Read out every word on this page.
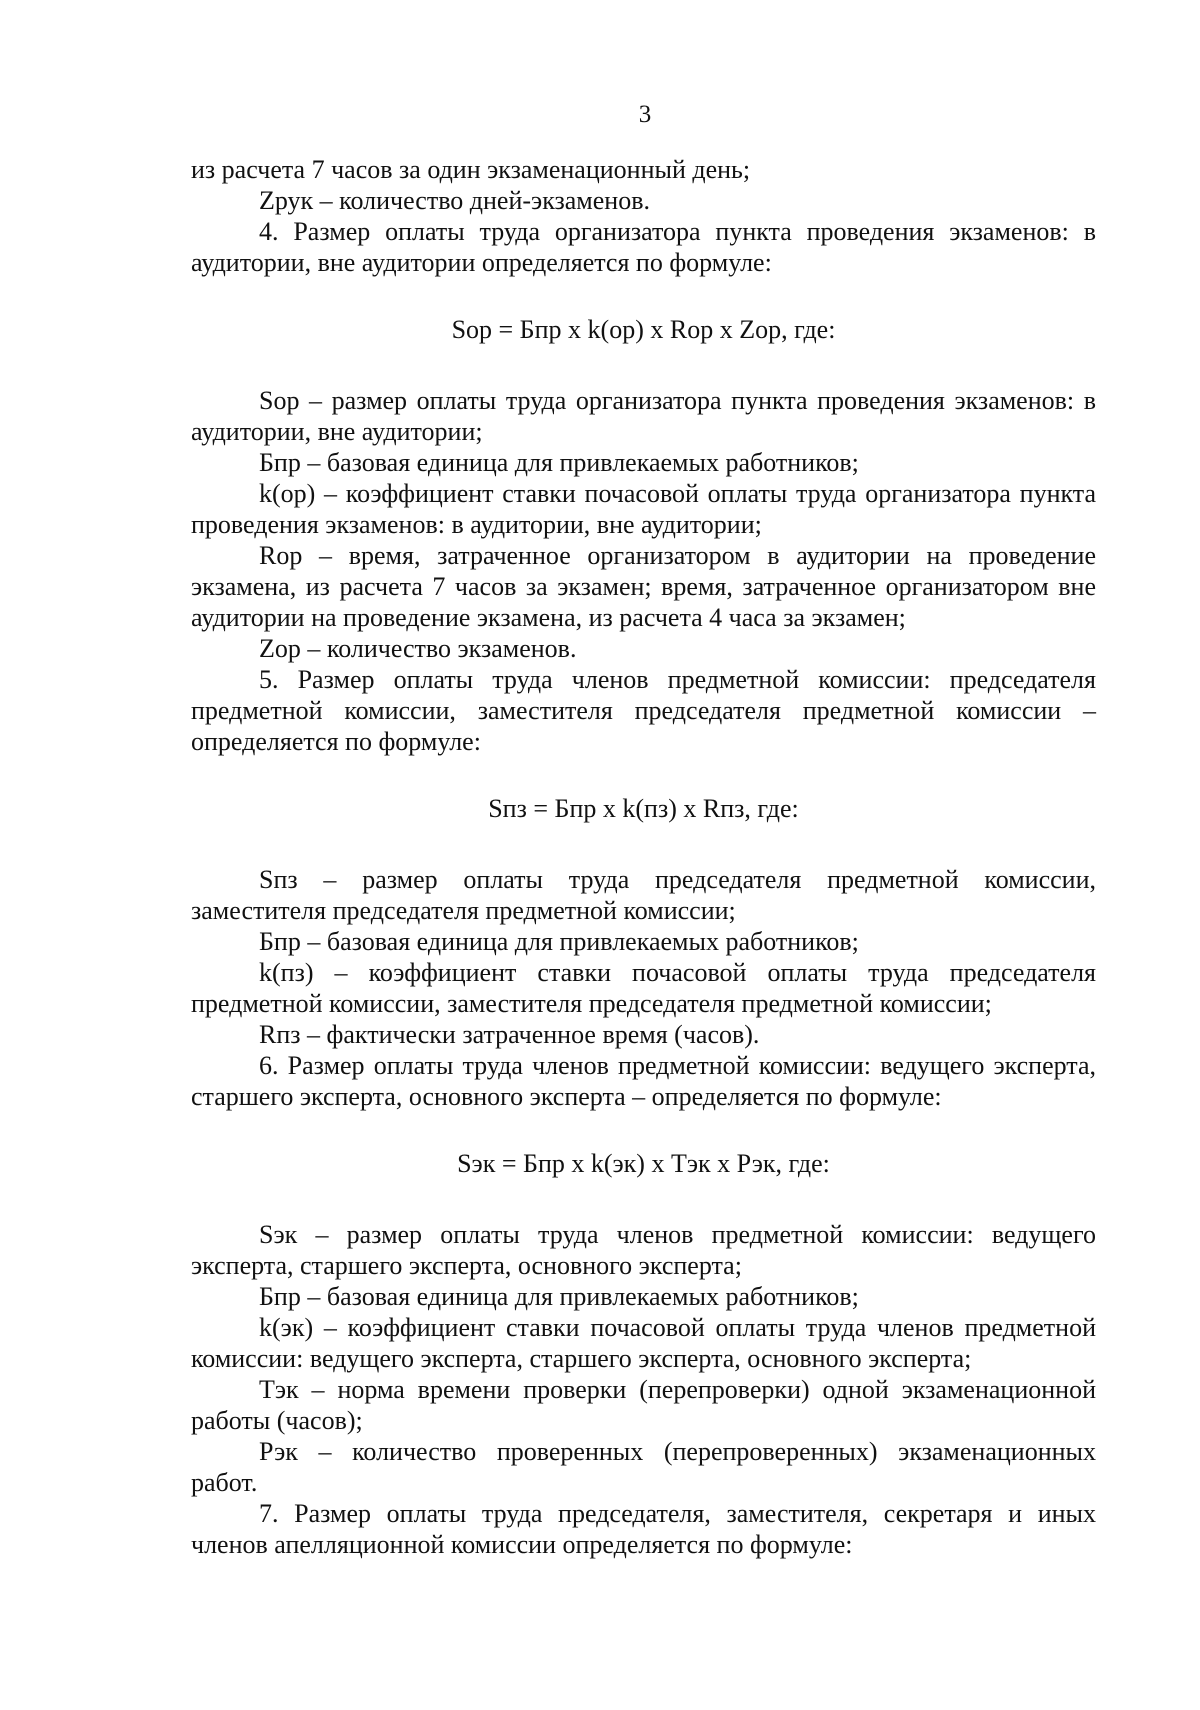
3

из расчета 7 часов за один экзаменационный день;

Zрук – количество дней-экзаменов.

4. Размер оплаты труда организатора пункта проведения экзаменов: в аудитории, вне аудитории определяется по формуле:

Sор = Бпр х k(ор) х Rор х Zор, где:

Sор – размер оплаты труда организатора пункта проведения экзаменов: в аудитории, вне аудитории;

Бпр – базовая единица для привлекаемых работников;

k(ор) – коэффициент ставки почасовой оплаты труда организатора пункта проведения экзаменов: в аудитории, вне аудитории;

Rор – время, затраченное организатором в аудитории на проведение экзамена, из расчета 7 часов за экзамен; время, затраченное организатором вне аудитории на проведение экзамена, из расчета 4 часа за экзамен;

Zор – количество экзаменов.

5. Размер оплаты труда членов предметной комиссии: председателя предметной комиссии, заместителя председателя предметной комиссии – определяется по формуле:

Sпз = Бпр х k(пз) х Rпз, где:

Sпз – размер оплаты труда председателя предметной комиссии, заместителя председателя предметной комиссии;

Бпр – базовая единица для привлекаемых работников;

k(пз) – коэффициент ставки почасовой оплаты труда председателя предметной комиссии, заместителя председателя предметной комиссии;

Rпз – фактически затраченное время (часов).

6. Размер оплаты труда членов предметной комиссии: ведущего эксперта, старшего эксперта, основного эксперта – определяется по формуле:

Sэк = Бпр х k(эк) х Тэк х Рэк, где:

Sэк – размер оплаты труда членов предметной комиссии: ведущего эксперта, старшего эксперта, основного эксперта;

Бпр – базовая единица для привлекаемых работников;

k(эк) – коэффициент ставки почасовой оплаты труда членов предметной комиссии: ведущего эксперта, старшего эксперта, основного эксперта;

Тэк – норма времени проверки (перепроверки) одной экзаменационной работы (часов);

Рэк – количество проверенных (перепроверенных) экзаменационных работ.

7. Размер оплаты труда председателя, заместителя, секретаря и иных членов апелляционной комиссии определяется по формуле:
